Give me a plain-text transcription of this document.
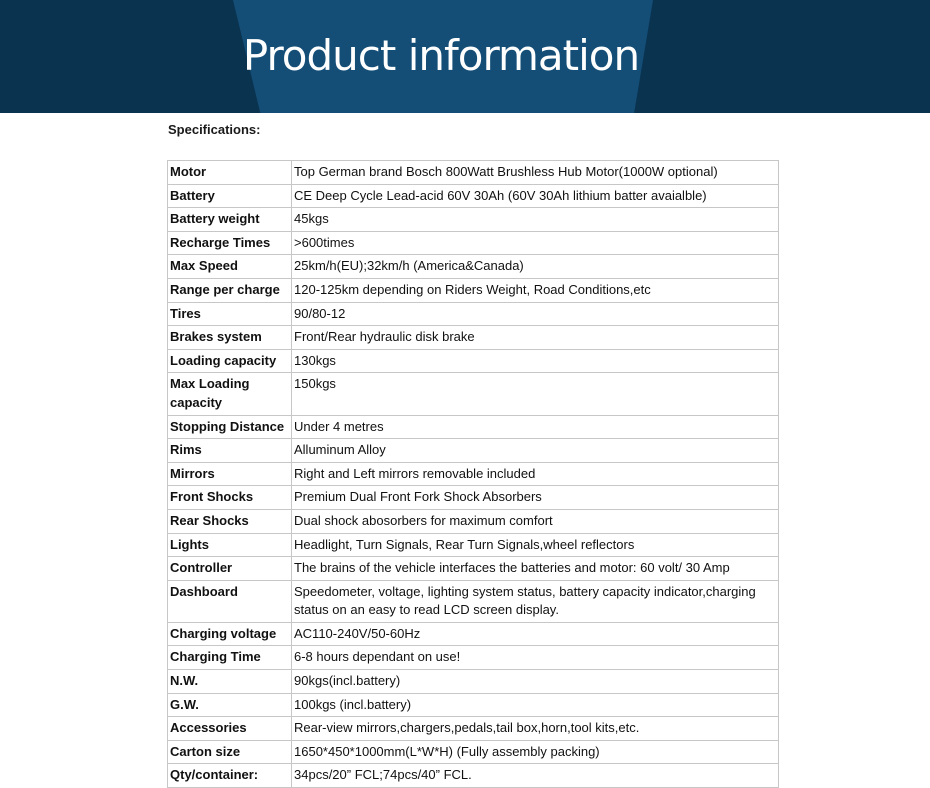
Product information
Specifications:
Motor	Top German brand Bosch 800Watt Brushless Hub Motor(1000W optional)
Battery	CE Deep Cycle Lead-acid 60V 30Ah (60V 30Ah lithium batter avaialble)
Battery weight	45kgs
Recharge Times	>600times
Max Speed	25km/h(EU);32km/h (America&Canada)
Range per charge	120-125km depending on Riders Weight, Road Conditions,etc
Tires	90/80-12
Brakes system	Front/Rear hydraulic disk brake
Loading capacity	130kgs
Max Loading capacity	150kgs
Stopping Distance	Under 4 metres
Rims	Alluminum Alloy
Mirrors	Right and Left mirrors removable included
Front Shocks	Premium Dual Front Fork Shock Absorbers
Rear Shocks	Dual shock abosorbers for maximum comfort
Lights	Headlight, Turn Signals, Rear Turn Signals,wheel reflectors
Controller	The brains of the vehicle interfaces the batteries and motor: 60 volt/ 30 Amp
Dashboard	Speedometer, voltage, lighting system status, battery capacity indicator,charging status on an easy to read LCD screen display.
Charging voltage	AC110-240V/50-60Hz
Charging Time	6-8 hours dependant on use!
N.W.	90kgs(incl.battery)
G.W.	100kgs (incl.battery)
Accessories	Rear-view mirrors,chargers,pedals,tail box,horn,tool kits,etc.
Carton size	1650*450*1000mm(L*W*H) (Fully assembly packing)
Qty/container:	34pcs/20” FCL;74pcs/40” FCL.
